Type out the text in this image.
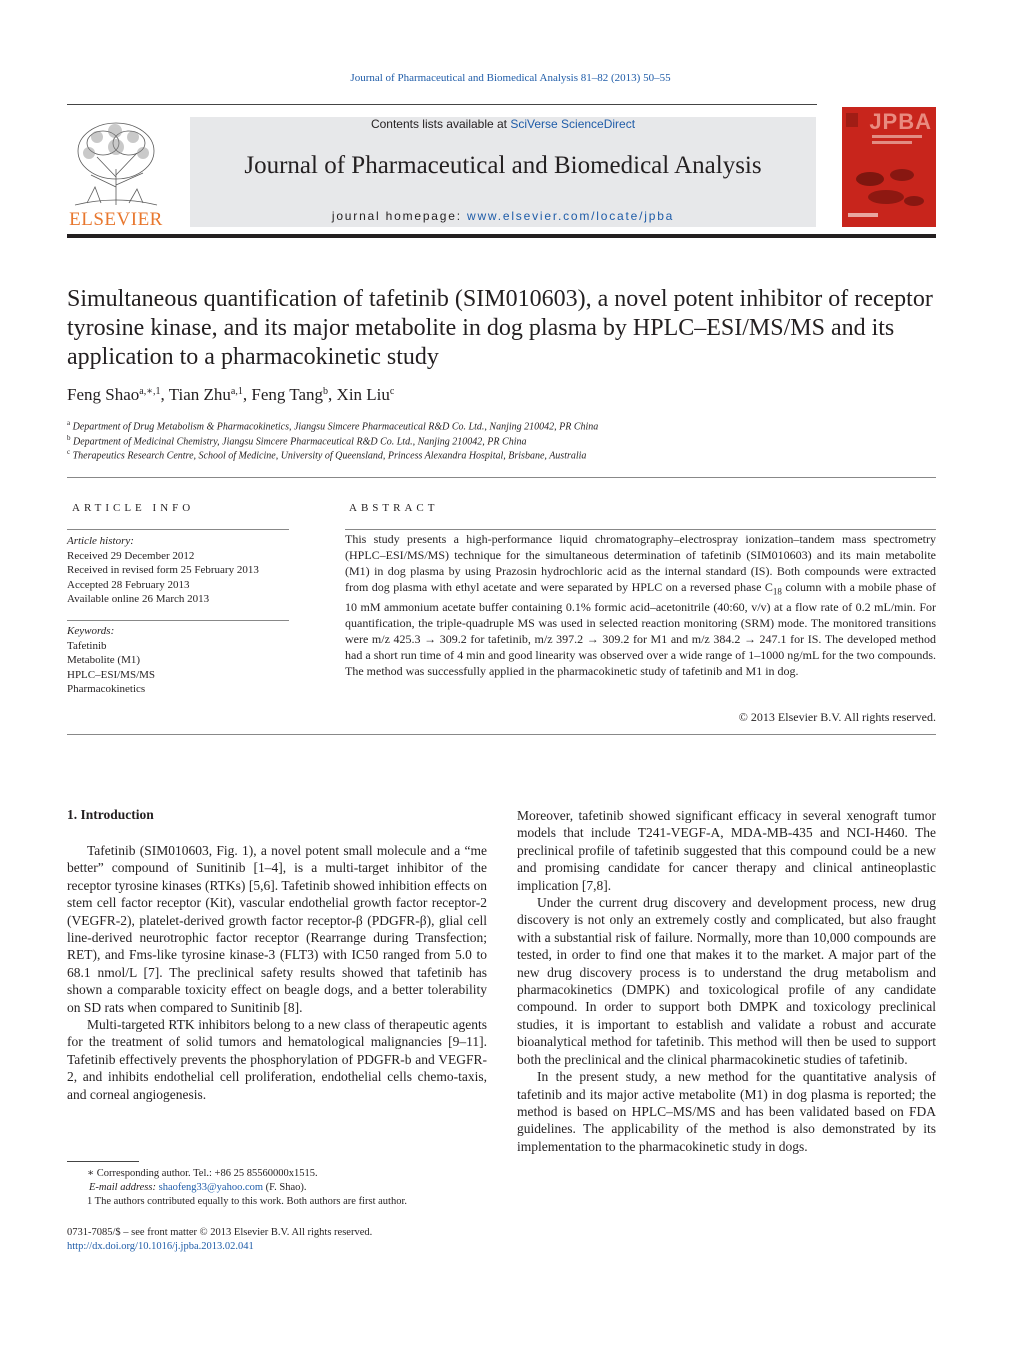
Journal of Pharmaceutical and Biomedical Analysis 81–82 (2013) 50–55
ELSEVIER
Contents lists available at SciVerse ScienceDirect
Journal of Pharmaceutical and Biomedical Analysis
journal homepage: www.elsevier.com/locate/jpba
JPBA
Simultaneous quantification of tafetinib (SIM010603), a novel potent inhibitor of receptor tyrosine kinase, and its major metabolite in dog plasma by HPLC–ESI/MS/MS and its application to a pharmacokinetic study
Feng Shao$^{a,∗,1}$, Tian Zhu$^{a,1}$, Feng Tang$^b$, Xin Liu$^c$
$^a$ Department of Drug Metabolism & Pharmacokinetics, Jiangsu Simcere Pharmaceutical R&D Co. Ltd., Nanjing 210042, PR China
$^b$ Department of Medicinal Chemistry, Jiangsu Simcere Pharmaceutical R&D Co. Ltd., Nanjing 210042, PR China
$^c$ Therapeutics Research Centre, School of Medicine, University of Queensland, Princess Alexandra Hospital, Brisbane, Australia
ARTICLE INFO
Article history:
Received 29 December 2012
Received in revised form 25 February 2013
Accepted 28 February 2013
Available online 26 March 2013
Keywords:
Tafetinib
Metabolite (M1)
HPLC–ESI/MS/MS
Pharmacokinetics
ABSTRACT
This study presents a high-performance liquid chromatography–electrospray ionization–tandem mass spectrometry (HPLC–ESI/MS/MS) technique for the simultaneous determination of tafetinib (SIM010603) and its main metabolite (M1) in dog plasma by using Prazosin hydrochloric acid as the internal standard (IS). Both compounds were extracted from dog plasma with ethyl acetate and were separated by HPLC on a reversed phase $C_{18}$ column with a mobile phase of 10 mM ammonium acetate buffer containing 0.1% formic acid–acetonitrile (40:60, v/v) at a flow rate of 0.2 mL/min. For quantification, the triple-quadruple MS was used in selected reaction monitoring (SRM) mode. The monitored transitions were m/z 425.3 → 309.2 for tafetinib, m/z 397.2 → 309.2 for M1 and m/z 384.2 → 247.1 for IS. The developed method had a short run time of 4 min and good linearity was observed over a wide range of 1–1000 ng/mL for the two compounds. The method was successfully applied in the pharmacokinetic study of tafetinib and M1 in dog.
© 2013 Elsevier B.V. All rights reserved.
1. Introduction

Tafetinib (SIM010603, Fig. 1), a novel potent small molecule and a “me better” compound of Sunitinib [1–4], is a multi-target inhibitor of the receptor tyrosine kinases (RTKs) [5,6]. Tafetinib showed inhibition effects on stem cell factor receptor (Kit), vascular endothelial growth factor receptor-2 (VEGFR-2), platelet-derived growth factor receptor-β (PDGFR-β), glial cell line-derived neurotrophic factor receptor (Rearrange during Transfection; RET), and Fms-like tyrosine kinase-3 (FLT3) with IC50 ranged from 5.0 to 68.1 nmol/L [7]. The preclinical safety results showed that tafetinib has shown a comparable toxicity effect on beagle dogs, and a better tolerability on SD rats when compared to Sunitinib [8].

Multi-targeted RTK inhibitors belong to a new class of therapeutic agents for the treatment of solid tumors and hematological malignancies [9–11]. Tafetinib effectively prevents the phosphorylation of PDGFR-b and VEGFR-2, and inhibits endothelial cell proliferation, endothelial cells chemo-taxis, and corneal angiogenesis.

∗ Corresponding author. Tel.: +86 25 85560000x1515.
E-mail address: shaofeng33@yahoo.com (F. Shao).
1 The authors contributed equally to this work. Both authors are first author.
0731-7085/$ – see front matter © 2013 Elsevier B.V. All rights reserved.
http://dx.doi.org/10.1016/j.jpba.2013.02.041

Moreover, tafetinib showed significant efficacy in several xenograft tumor models that include T241-VEGF-A, MDA-MB-435 and NCI-H460. The preclinical profile of tafetinib suggested that this compound could be a new and promising candidate for cancer therapy and clinical antineoplastic implication [7,8].

Under the current drug discovery and development process, new drug discovery is not only an extremely costly and complicated, but also fraught with a substantial risk of failure. Normally, more than 10,000 compounds are tested, in order to find one that makes it to the market. A major part of the new drug discovery process is to understand the drug metabolism and pharmacokinetics (DMPK) and toxicological profile of any candidate compound. In order to support both DMPK and toxicology preclinical studies, it is important to establish and validate a robust and accurate bioanalytical method for tafetinib. This method will then be used to support both the preclinical and the clinical pharmacokinetic studies of tafetinib.

In the present study, a new method for the quantitative analysis of tafetinib and its major active metabolite (M1) in dog plasma is reported; the method is based on HPLC–MS/MS and has been validated based on FDA guidelines. The applicability of the method is also demonstrated by its implementation to the pharmacokinetic study in dogs.
